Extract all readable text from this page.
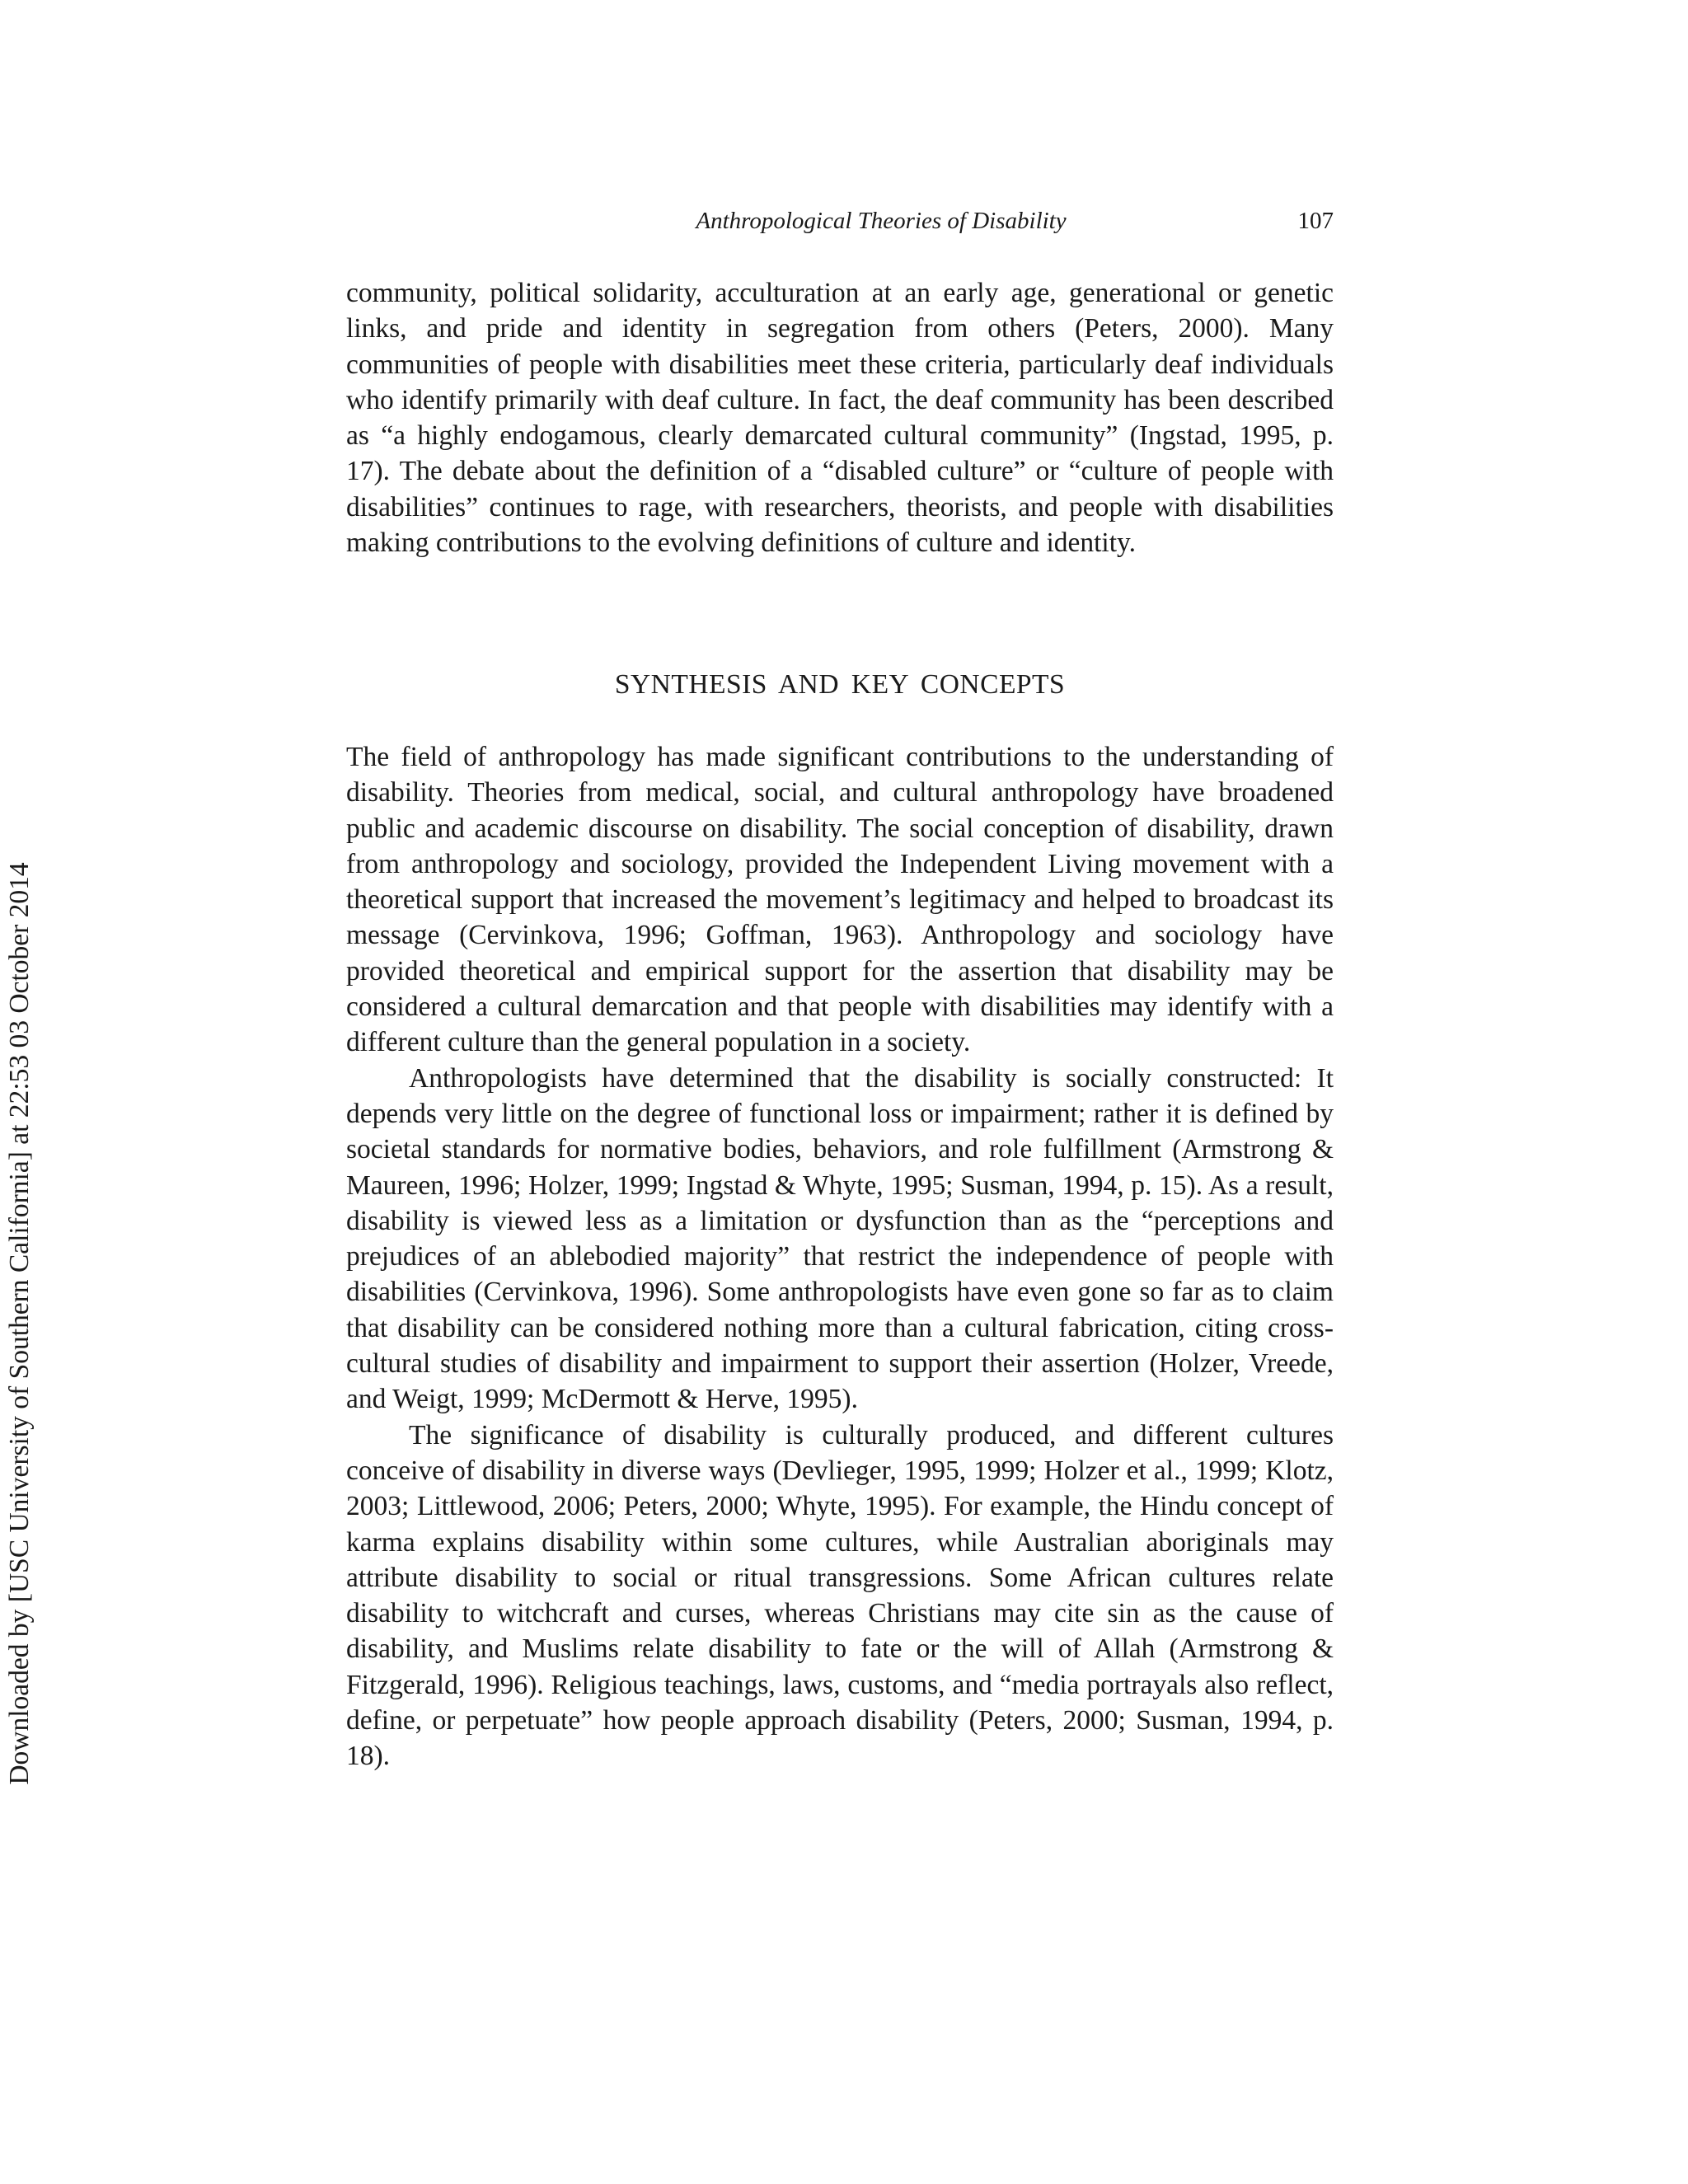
Anthropological Theories of Disability	107
Downloaded by [USC University of Southern California] at 22:53 03 October 2014

community, political solidarity, acculturation at an early age, generational or genetic links, and pride and identity in segregation from others (Peters, 2000). Many communities of people with disabilities meet these criteria, particularly deaf individuals who identify primarily with deaf culture. In fact, the deaf community has been described as “a highly endogamous, clearly demarcated cultural community” (Ingstad, 1995, p. 17). The debate about the definition of a “disabled culture” or “culture of people with disabilities” continues to rage, with researchers, theorists, and people with disabilities making contributions to the evolving definitions of culture and identity.

SYNTHESIS AND KEY CONCEPTS

The field of anthropology has made significant contributions to the understanding of disability. Theories from medical, social, and cultural anthropology have broadened public and academic discourse on disability. The social conception of disability, drawn from anthropology and sociology, provided the Independent Living movement with a theoretical support that increased the movement’s legitimacy and helped to broadcast its message (Cervinkova, 1996; Goffman, 1963). Anthropology and sociology have provided theoretical and empirical support for the assertion that disability may be considered a cultural demarcation and that people with disabilities may identify with a different culture than the general population in a society.

Anthropologists have determined that the disability is socially constructed: It depends very little on the degree of functional loss or impairment; rather it is defined by societal standards for normative bodies, behaviors, and role fulfillment (Armstrong & Maureen, 1996; Holzer, 1999; Ingstad & Whyte, 1995; Susman, 1994, p. 15). As a result, disability is viewed less as a limitation or dysfunction than as the “perceptions and prejudices of an ablebodied majority” that restrict the independence of people with disabilities (Cervinkova, 1996). Some anthropologists have even gone so far as to claim that disability can be considered nothing more than a cultural fabrication, citing cross-cultural studies of disability and impairment to support their assertion (Holzer, Vreede, and Weigt, 1999; McDermott & Herve, 1995).

The significance of disability is culturally produced, and different cultures conceive of disability in diverse ways (Devlieger, 1995, 1999; Holzer et al., 1999; Klotz, 2003; Littlewood, 2006; Peters, 2000; Whyte, 1995). For example, the Hindu concept of karma explains disability within some cultures, while Australian aboriginals may attribute disability to social or ritual transgressions. Some African cultures relate disability to witchcraft and curses, whereas Christians may cite sin as the cause of disability, and Muslims relate disability to fate or the will of Allah (Armstrong & Fitzgerald, 1996). Religious teachings, laws, customs, and “media portrayals also reflect, define, or perpetuate” how people approach disability (Peters, 2000; Susman, 1994, p. 18).
